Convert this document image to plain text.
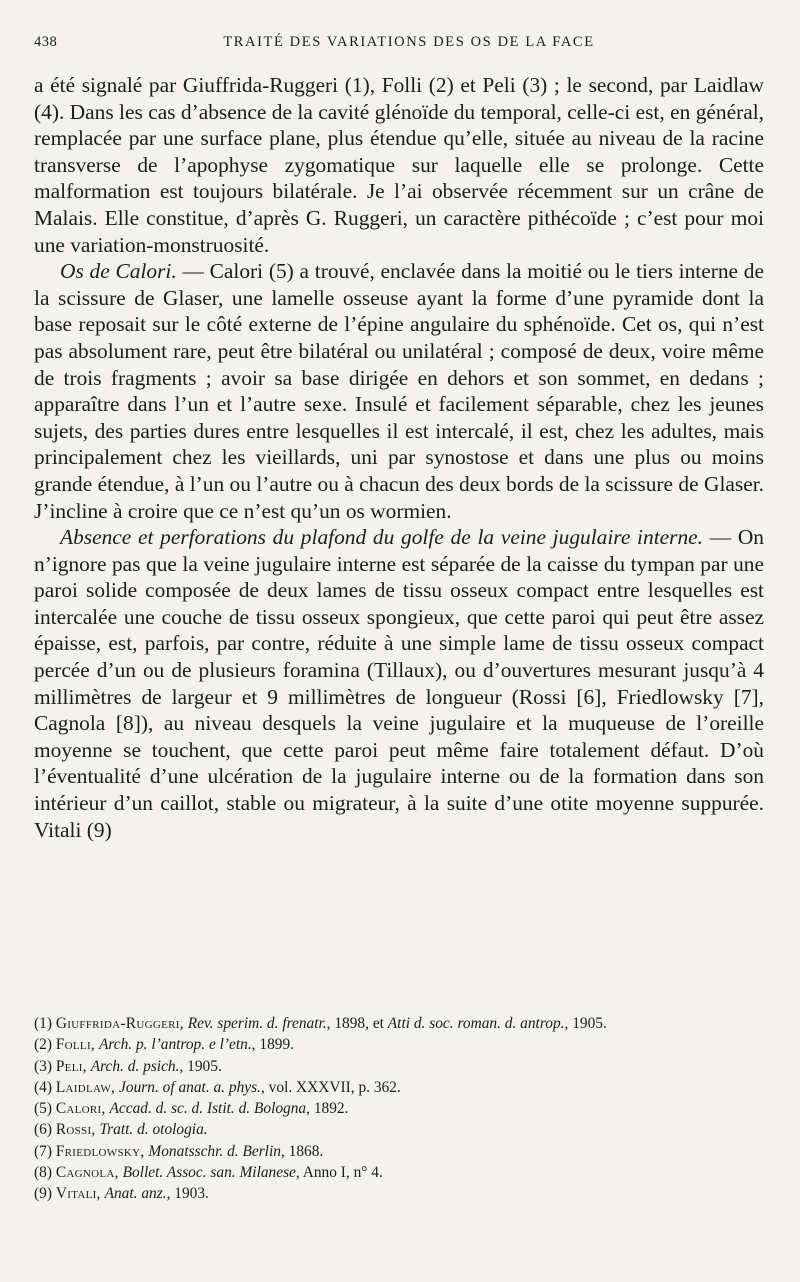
438	TRAITÉ DES VARIATIONS DES OS DE LA FACE

a été signalé par Giuffrida-Ruggeri (1), Folli (2) et Peli (3) ; le second, par Laidlaw (4). Dans les cas d’absence de la cavité glénoïde du temporal, celle-ci est, en général, remplacée par une surface plane, plus étendue qu’elle, située au niveau de la racine transverse de l’apophyse zygomatique sur laquelle elle se prolonge. Cette malformation est toujours bilatérale. Je l’ai observée récemment sur un crâne de Malais. Elle constitue, d’après G. Ruggeri, un caractère pithécoïde ; c’est pour moi une variation-monstruosité.

Os de Calori. — Calori (5) a trouvé, enclavée dans la moitié ou le tiers interne de la scissure de Glaser, une lamelle osseuse ayant la forme d’une pyramide dont la base reposait sur le côté externe de l’épine angulaire du sphénoïde. Cet os, qui n’est pas absolument rare, peut être bilatéral ou unilatéral ; composé de deux, voire même de trois fragments ; avoir sa base dirigée en dehors et son sommet, en dedans ; apparaître dans l’un et l’autre sexe. Insulé et facilement séparable, chez les jeunes sujets, des parties dures entre lesquelles il est intercalé, il est, chez les adultes, mais principalement chez les vieillards, uni par synostose et dans une plus ou moins grande étendue, à l’un ou l’autre ou à chacun des deux bords de la scissure de Glaser. J’incline à croire que ce n’est qu’un os wormien.

Absence et perforations du plafond du golfe de la veine jugulaire interne. — On n’ignore pas que la veine jugulaire interne est séparée de la caisse du tympan par une paroi solide composée de deux lames de tissu osseux compact entre lesquelles est intercalée une couche de tissu osseux spongieux, que cette paroi qui peut être assez épaisse, est, parfois, par contre, réduite à une simple lame de tissu osseux compact percée d’un ou de plusieurs foramina (Tillaux), ou d’ouvertures mesurant jusqu’à 4 millimètres de largeur et 9 millimètres de longueur (Rossi [6], Friedlowsky [7], Cagnola [8]), au niveau desquels la veine jugulaire et la muqueuse de l’oreille moyenne se touchent, que cette paroi peut même faire totalement défaut. D’où l’éventualité d’une ulcération de la jugulaire interne ou de la formation dans son intérieur d’un caillot, stable ou migrateur, à la suite d’une otite moyenne suppurée. Vitali (9)

(1) Giuffrida-Ruggeri, Rev. sperim. d. frenatr., 1898, et Atti d. soc. roman. d. antrop., 1905.

(2) Folli, Arch. p. l’antrop. e l’etn., 1899.

(3) Peli, Arch. d. psich., 1905.

(4) Laidlaw, Journ. of anat. a. phys., vol. XXXVII, p. 362.

(5) Calori, Accad. d. sc. d. Istit. d. Bologna, 1892.

(6) Rossi, Tratt. d. otologia.

(7) Friedlowsky, Monatsschr. d. Berlin, 1868.

(8) Cagnola, Bollet. Assoc. san. Milanese, Anno I, n° 4.

(9) Vitali, Anat. anz., 1903.
